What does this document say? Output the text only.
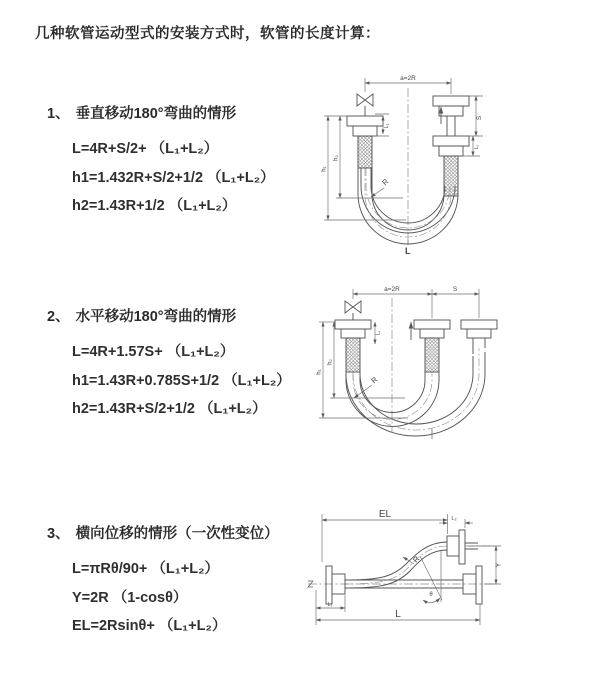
几种软管运动型式的安装方式时，软管的长度计算：
1、 垂直移动180°弯曲的情形
L=4R+S/2+ （L₁+L₂）
h1=1.432R+S/2+1/2 （L₁+L₂）
h2=1.43R+1/2 （L₁+L₂）
2、 水平移动180°弯曲的情形
L=4R+1.57S+ （L₁+L₂）
h1=1.43R+0.785S+1/2 （L₁+L₂）
h2=1.43R+S/2+1/2 （L₁+L₂）
3、 横向位移的情形（一次性变位）
L=πRθ/90+ （L₁+L₂）
Y=2R （1-cosθ）
EL=2Rsinθ+ （L₁+L₂）
a=2R
S
L₁
L₁
h₁
h₂
R
L
a=2R	S
L₁
h₁
h₂
R
EL	L₂
Y
L
L₁
R
θ
